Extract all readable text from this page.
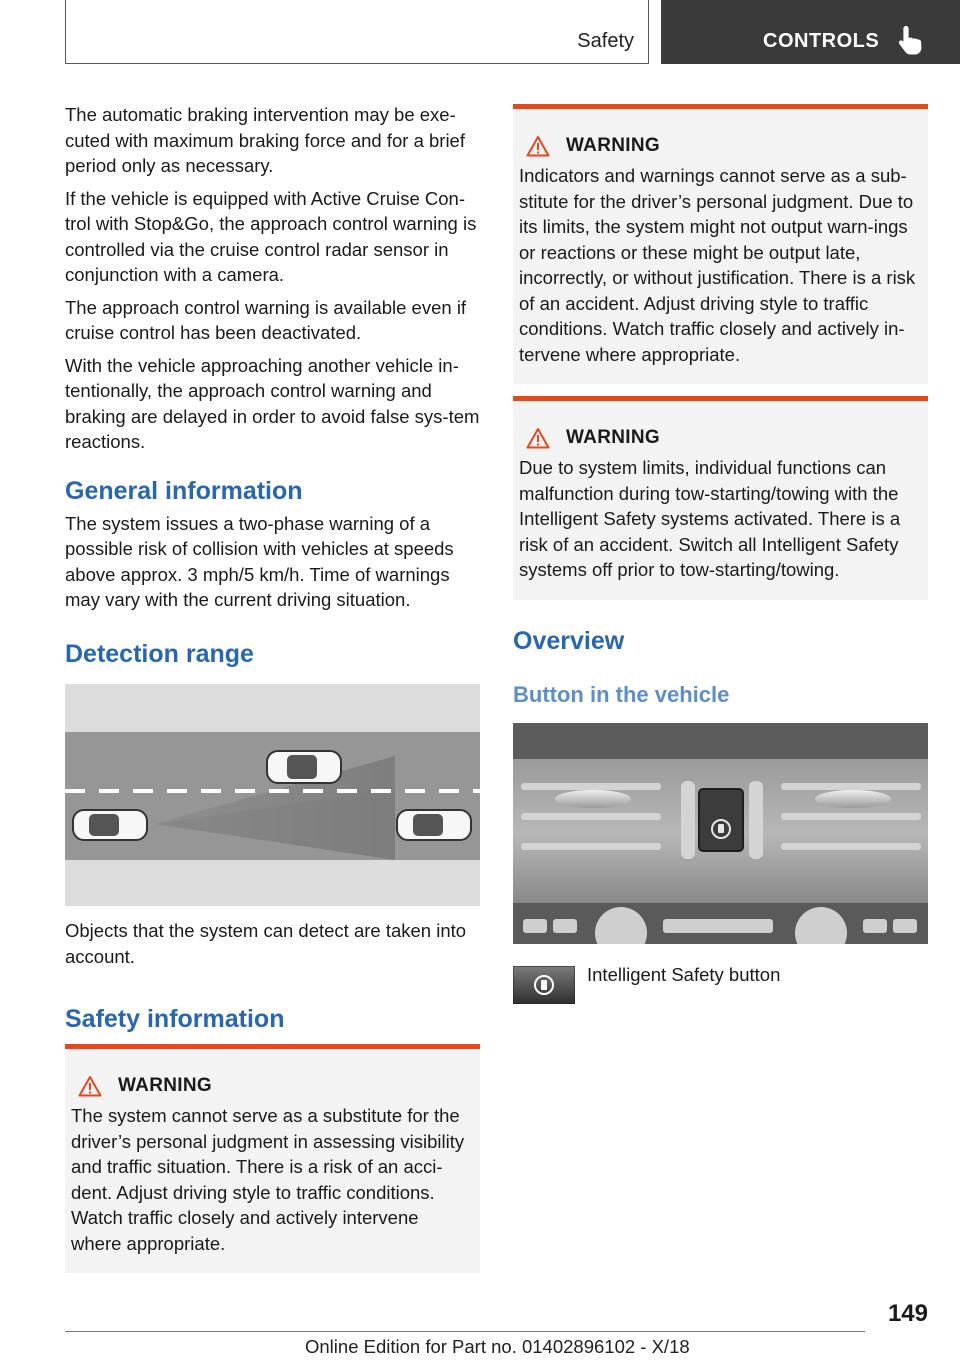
Safety	CONTROLS

The automatic braking intervention may be exe-cuted with maximum braking force and for a brief period only as necessary.

If the vehicle is equipped with Active Cruise Con-trol with Stop&Go, the approach control warning is controlled via the cruise control radar sensor in conjunction with a camera.

The approach control warning is available even if cruise control has been deactivated.

With the vehicle approaching another vehicle in-tentionally, the approach control warning and braking are delayed in order to avoid false sys-tem reactions.

General information

The system issues a two-phase warning of a possible risk of collision with vehicles at speeds above approx. 3 mph/5 km/h. Time of warnings may vary with the current driving situation.

Detection range

Objects that the system can detect are taken into account.

Safety information
WARNING

The system cannot serve as a substitute for the driver’s personal judgment in assessing visibility and traffic situation. There is a risk of an acci-dent. Adjust driving style to traffic conditions. Watch traffic closely and actively intervene where appropriate.

WARNING

Indicators and warnings cannot serve as a sub-stitute for the driver’s personal judgment. Due to its limits, the system might not output warn-ings or reactions or these might be output late, incorrectly, or without justification. There is a risk of an accident. Adjust driving style to traffic conditions. Watch traffic closely and actively in-tervene where appropriate.

WARNING

Due to system limits, individual functions can malfunction during tow-starting/towing with the Intelligent Safety systems activated. There is a risk of an accident. Switch all Intelligent Safety systems off prior to tow-starting/towing.

Overview
Button in the vehicle
Intelligent Safety button
149
Online Edition for Part no. 01402896102 - X/18
